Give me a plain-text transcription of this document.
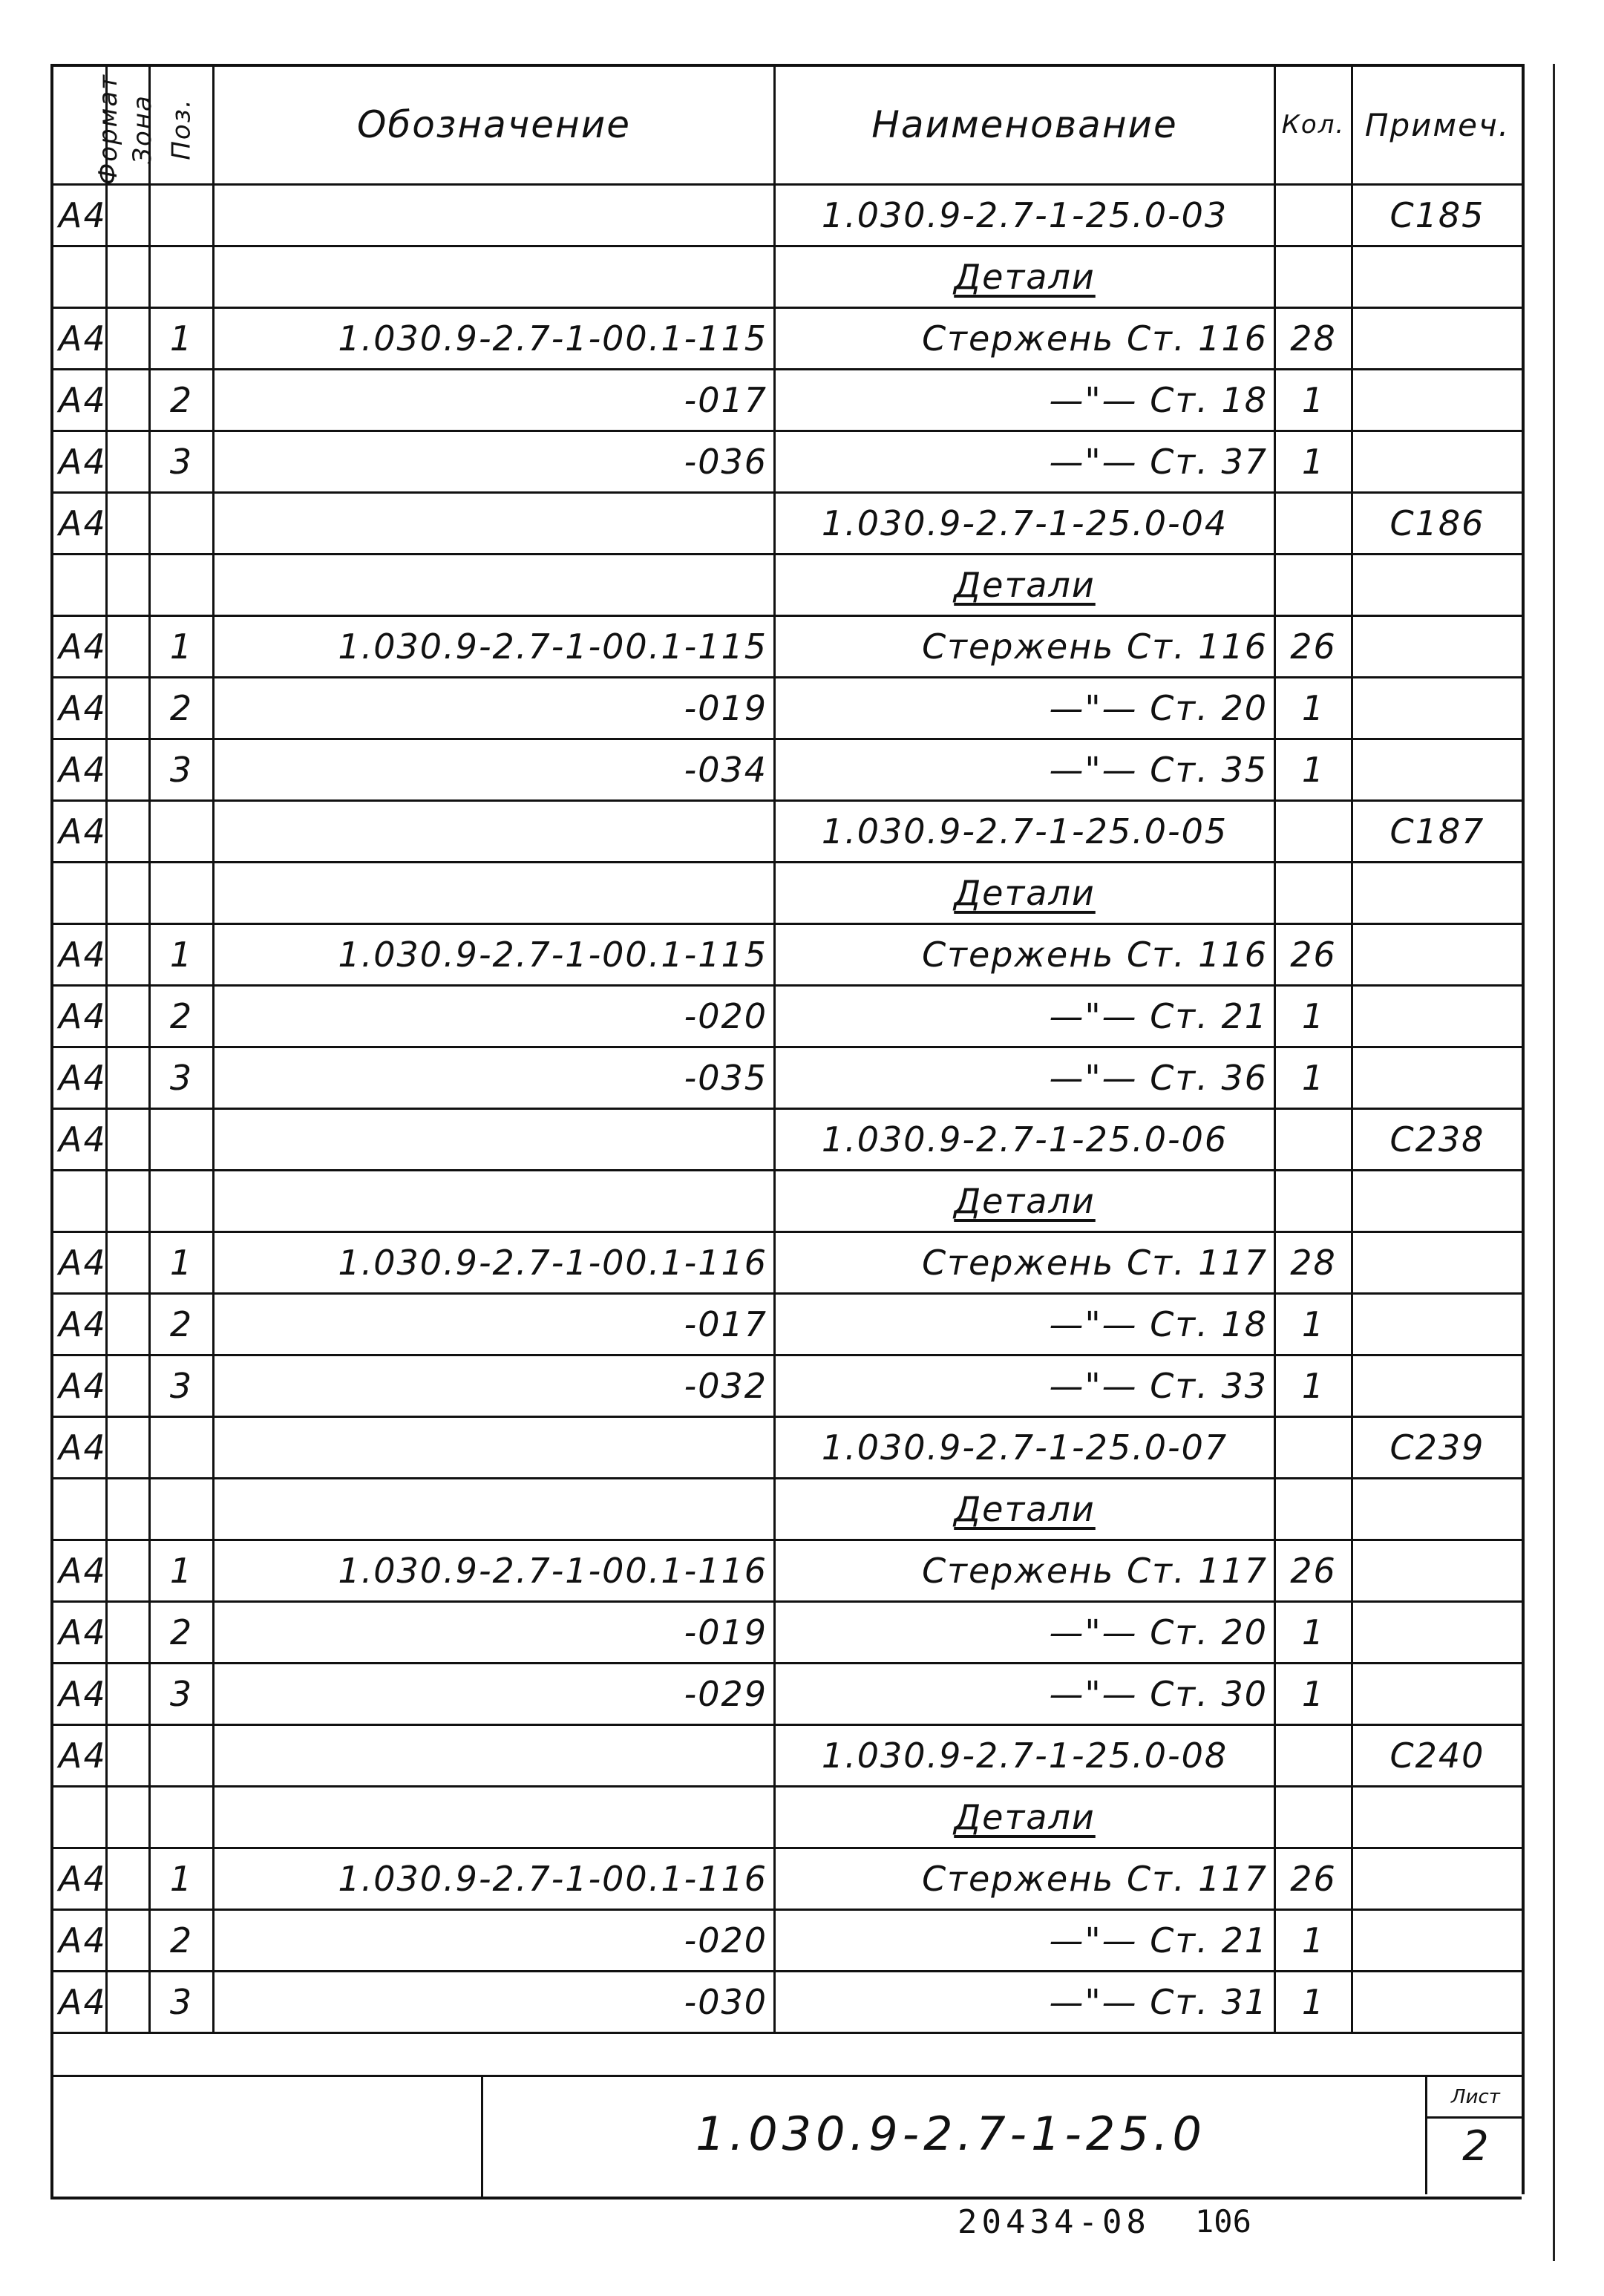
Формат	Зона	Поз.	Обозначение	Наименование	Кол.	Примеч.
А4				1.030.9-2.7-1-25.0-03		С185
				Детали		
А4		1	1.030.9-2.7-1-00.1-115	Стержень Ст. 116	28	
А4		2	-017	—"— Ст. 18	1	
А4		3	-036	—"— Ст. 37	1	
А4				1.030.9-2.7-1-25.0-04		С186
				Детали		
А4		1	1.030.9-2.7-1-00.1-115	Стержень Ст. 116	26	
А4		2	-019	—"— Ст. 20	1	
А4		3	-034	—"— Ст. 35	1	
А4				1.030.9-2.7-1-25.0-05		С187
				Детали		
А4		1	1.030.9-2.7-1-00.1-115	Стержень Ст. 116	26	
А4		2	-020	—"— Ст. 21	1	
А4		3	-035	—"— Ст. 36	1	
А4				1.030.9-2.7-1-25.0-06		С238
				Детали		
А4		1	1.030.9-2.7-1-00.1-116	Стержень Ст. 117	28	
А4		2	-017	—"— Ст. 18	1	
А4		3	-032	—"— Ст. 33	1	
А4				1.030.9-2.7-1-25.0-07		С239
				Детали		
А4		1	1.030.9-2.7-1-00.1-116	Стержень Ст. 117	26	
А4		2	-019	—"— Ст. 20	1	
А4		3	-029	—"— Ст. 30	1	
А4				1.030.9-2.7-1-25.0-08		С240
				Детали		
А4		1	1.030.9-2.7-1-00.1-116	Стержень Ст. 117	26	
А4		2	-020	—"— Ст. 21	1	
А4		3	-030	—"— Ст. 31	1	
1.030.9-2.7-1-25.0
Лист
2
20434-08 106
